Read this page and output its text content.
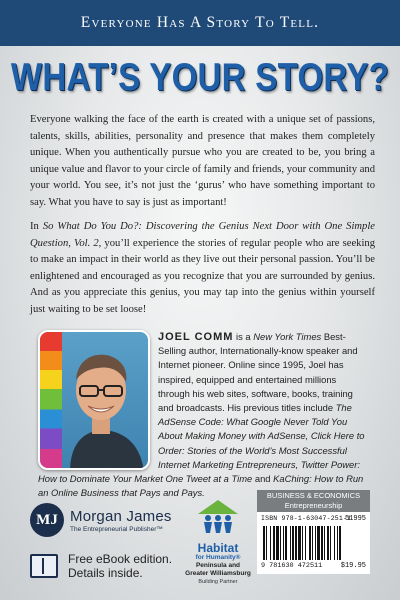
Everyone Has A Story To Tell.
WHAT’S YOUR STORY?

Everyone walking the face of the earth is created with a unique set of passions, talents, skills, abilities, personality and presence that makes them completely unique. When you authentically pursue who you are created to be, you bring a unique value and flavor to your circle of family and friends, your community and your world. You see, it’s not just the ‘gurus’ who have something important to say. What you have to say is just as important!

In So What Do You Do?: Discovering the Genius Next Door with One Simple Question, Vol. 2, you’ll experience the stories of regular people who are seeking to make an impact in their world as they live out their personal passion. You’ll be enlightened and encouraged as you recognize that you are surrounded by genius. And as you appreciate this genius, you may tap into the genius within yourself just waiting to be set loose!

JOEL COMM is a New York Times Best-Selling author, Internationally-know speaker and Internet pioneer. Online since 1995, Joel has inspired, equipped and entertained millions through his web sites, software, books, training and broadcasts. His previous titles include The AdSense Code: What Google Never Told You About Making Money with AdSense, Click Here to Order: Stories of the World’s Most Successful Internet Marketing Entrepreneurs, Twitter Power: How to Dominate Your Market One Tweet at a Time and KaChing: How to Run an Online Business that Pays and Pays.
MJ Morgan James
The Entrepreneurial Publisher™
Free eBook edition.
Details inside.
Habitat
for Humanity®
Peninsula and
Greater Williamsburg
Building Partner
BUSINESS & ECONOMICS
Entrepreneurship
ISBN 978-1-63047-251-1
51995
9 781630 472511	$19.95
